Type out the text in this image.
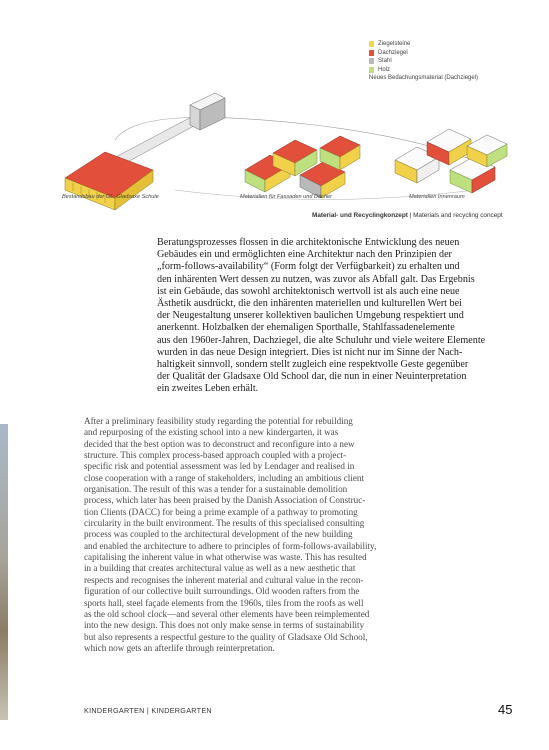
Ziegelsteine
Dachziegel
Stahl
Holz
Neues Bedachungsmaterial (Dachziegel)
Bestandsbau der GL. Gladsaxe Schule	Materialien für Fassaden und Dächer	Materialien Innenraum
Material- und Recyclingkonzept | Materials and recycling concept
Beratungsprozesses flossen in die architektonische Entwicklung des neuen
Gebäudes ein und ermöglichten eine Architektur nach den Prinzipien der
„form-follows-availability“ (Form folgt der Verfügbarkeit) zu erhalten und
den inhärenten Wert dessen zu nutzen, was zuvor als Abfall galt. Das Ergebnis
ist ein Gebäude, das sowohl architektonisch wertvoll ist als auch eine neue
Ästhetik ausdrückt, die den inhärenten materiellen und kulturellen Wert bei
der Neugestaltung unserer kollektiven baulichen Umgebung respektiert und
anerkennt. Holzbalken der ehemaligen Sporthalle, Stahlfassadenelemente
aus den 1960er-Jahren, Dachziegel, die alte Schuluhr und viele weitere Elemente
wurden in das neue Design integriert. Dies ist nicht nur im Sinne der Nach-
haltigkeit sinnvoll, sondern stellt zugleich eine respektvolle Geste gegenüber
der Qualität der Gladsaxe Old School dar, die nun in einer Neuinterpretation
ein zweites Leben erhält.
After a preliminary feasibility study regarding the potential for rebuilding
and repurposing of the existing school into a new kindergarten, it was
decided that the best option was to deconstruct and reconfigure into a new
structure. This complex process-based approach coupled with a project-
specific risk and potential assessment was led by Lendager and realised in
close cooperation with a range of stakeholders, including an ambitious client
organisation. The result of this was a tender for a sustainable demolition
process, which later has been praised by the Danish Association of Construc-
tion Clients (DACC) for being a prime example of a pathway to promoting
circularity in the built environment. The results of this specialised consulting
process was coupled to the architectural development of the new building
and enabled the architecture to adhere to principles of form-follows-availability,
capitalising the inherent value in what otherwise was waste. This has resulted
in a building that creates architectural value as well as a new aesthetic that
respects and recognises the inherent material and cultural value in the recon-
figuration of our collective built surroundings. Old wooden rafters from the
sports hall, steel façade elements from the 1960s, tiles from the roofs as well
as the old school clock—and several other elements have been reimplemented
into the new design. This does not only make sense in terms of sustainability
but also represents a respectful gesture to the quality of Gladsaxe Old School,
which now gets an afterlife through reinterpretation.
KINDERGARTEN | KINDERGARTEN	45
